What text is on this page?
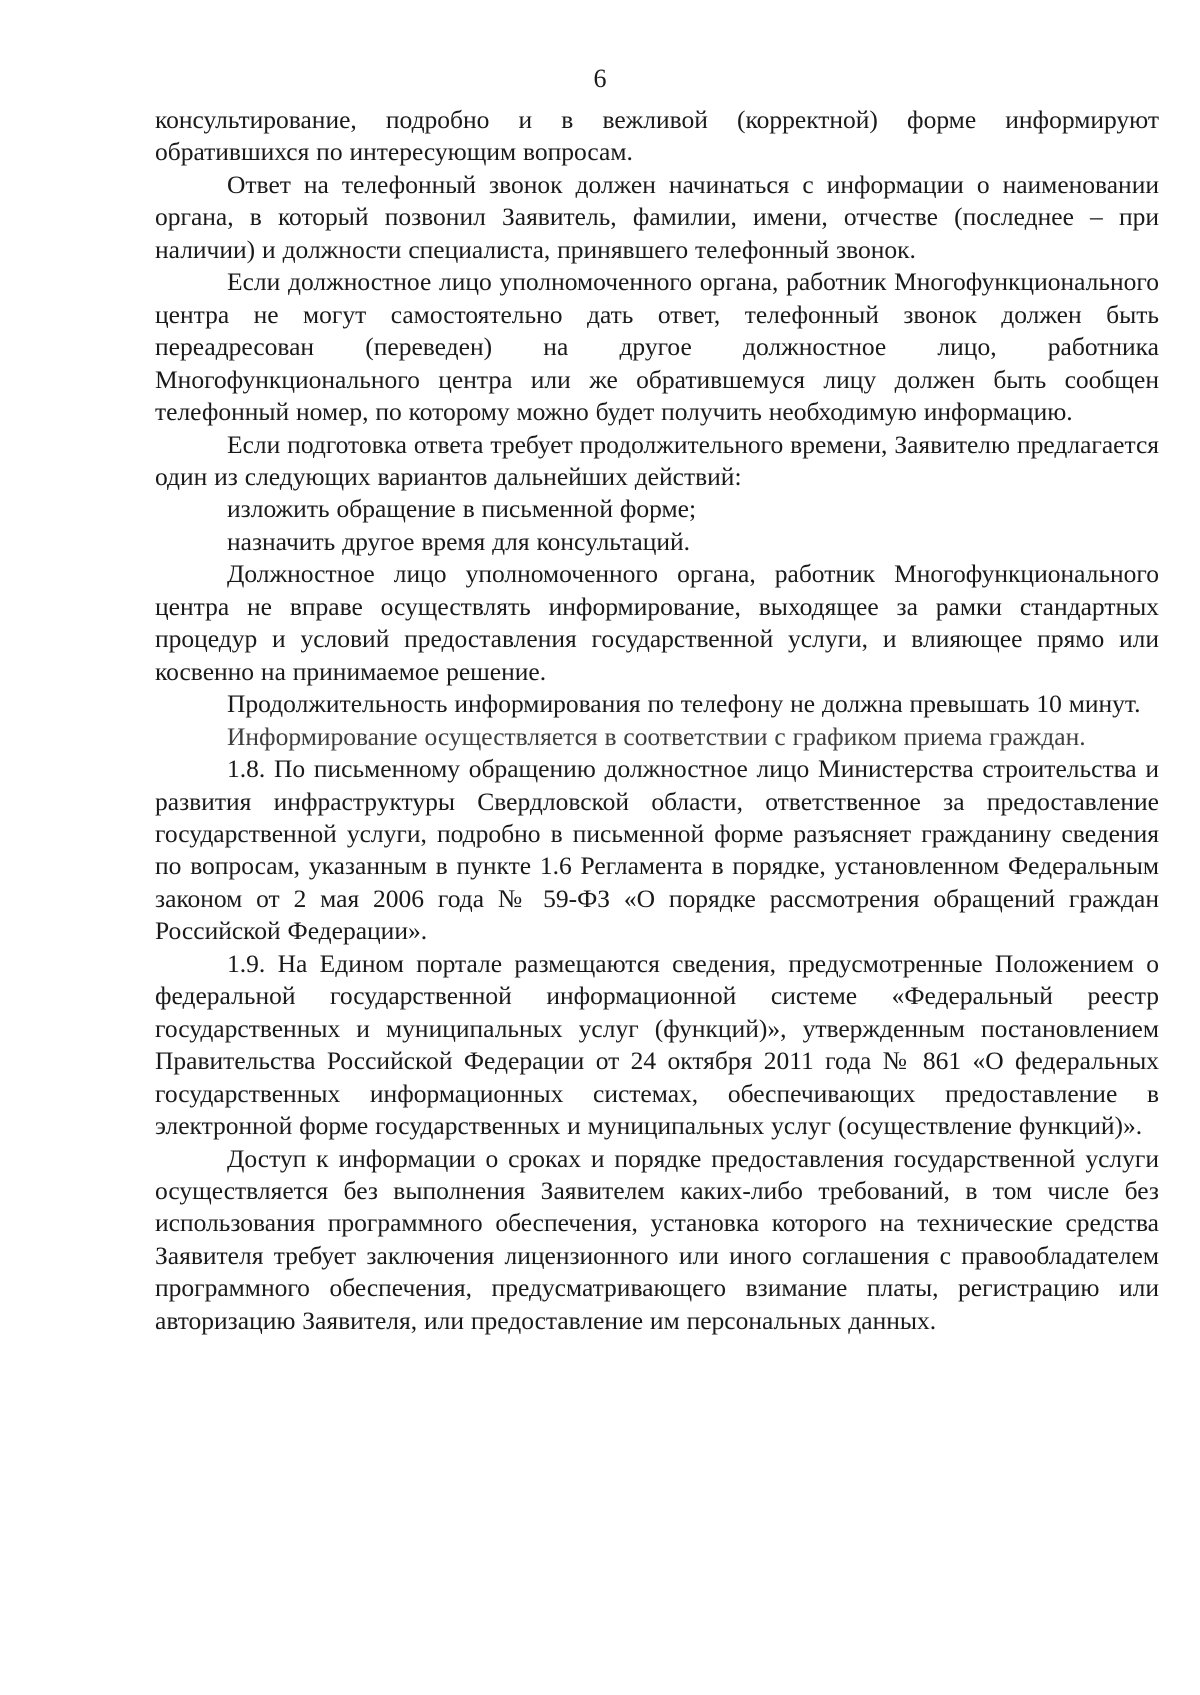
6

консультирование, подробно и в вежливой (корректной) форме информируют обратившихся по интересующим вопросам.

Ответ на телефонный звонок должен начинаться с информации о наименовании органа, в который позвонил Заявитель, фамилии, имени, отчестве (последнее – при наличии) и должности специалиста, принявшего телефонный звонок.

Если должностное лицо уполномоченного органа, работник Многофункционального центра не могут самостоятельно дать ответ, телефонный звонок должен быть переадресован (переведен) на другое должностное лицо, работника Многофункционального центра или же обратившемуся лицу должен быть сообщен телефонный номер, по которому можно будет получить необходимую информацию.

Если подготовка ответа требует продолжительного времени, Заявителю предлагается один из следующих вариантов дальнейших действий:

изложить обращение в письменной форме;

назначить другое время для консультаций.

Должностное лицо уполномоченного органа, работник Многофункционального центра не вправе осуществлять информирование, выходящее за рамки стандартных процедур и условий предоставления государственной услуги, и влияющее прямо или косвенно на принимаемое решение.

Продолжительность информирования по телефону не должна превышать 10 минут.

Информирование осуществляется в соответствии с графиком приема граждан.

1.8. По письменному обращению должностное лицо Министерства строительства и развития инфраструктуры Свердловской области, ответственное за предоставление государственной услуги, подробно в письменной форме разъясняет гражданину сведения по вопросам, указанным в пункте 1.6 Регламента в порядке, установленном Федеральным законом от 2 мая 2006 года № 59-ФЗ «О порядке рассмотрения обращений граждан Российской Федерации».

1.9. На Едином портале размещаются сведения, предусмотренные Положением о федеральной государственной информационной системе «Федеральный реестр государственных и муниципальных услуг (функций)», утвержденным постановлением Правительства Российской Федерации от 24 октября 2011 года № 861 «О федеральных государственных информационных системах, обеспечивающих предоставление в электронной форме государственных и муниципальных услуг (осуществление функций)».

Доступ к информации о сроках и порядке предоставления государственной услуги осуществляется без выполнения Заявителем каких-либо требований, в том числе без использования программного обеспечения, установка которого на технические средства Заявителя требует заключения лицензионного или иного соглашения с правообладателем программного обеспечения, предусматривающего взимание платы, регистрацию или авторизацию Заявителя, или предоставление им персональных данных.
